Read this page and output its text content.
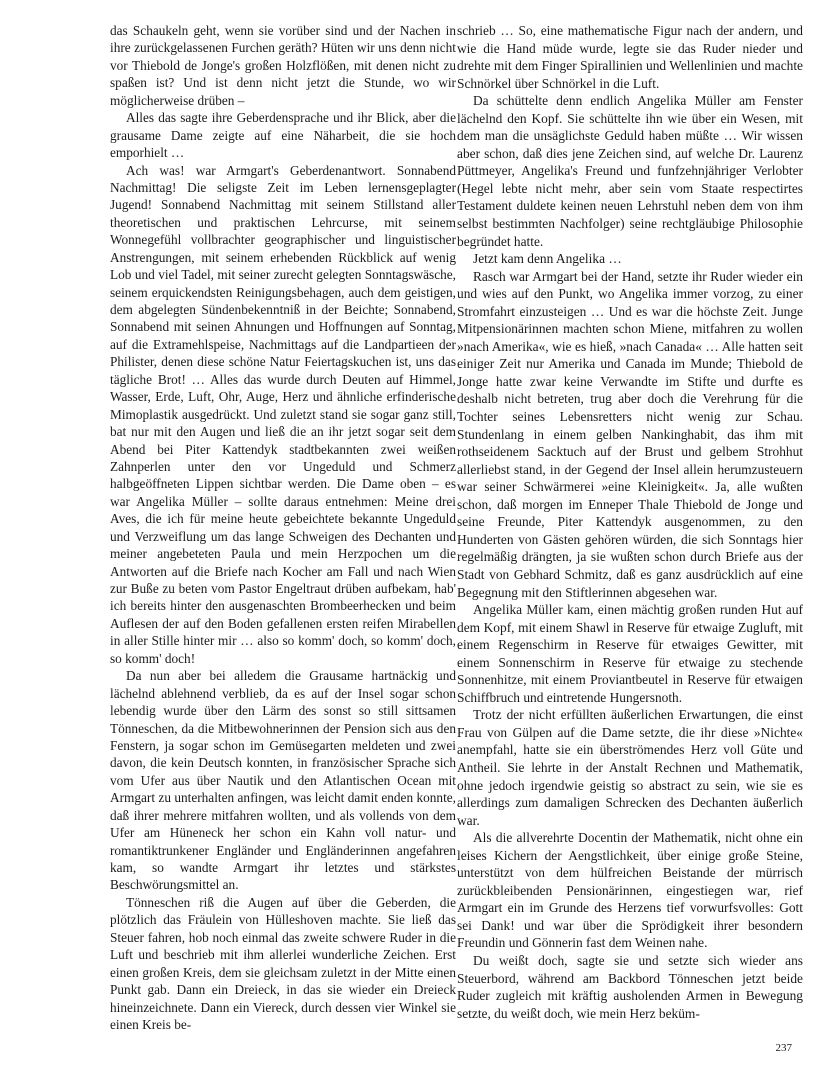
das Schaukeln geht, wenn sie vorüber sind und der Nachen in ihre zurückgelassenen Furchen geräth? Hüten wir uns denn nicht vor Thiebold de Jonge's großen Holzflößen, mit denen nicht zu spaßen ist? Und ist denn nicht jetzt die Stunde, wo wir möglicherweise drüben –

Alles das sagte ihre Geberdensprache und ihr Blick, aber die grausame Dame zeigte auf eine Näharbeit, die sie hoch emporhielt …

Ach was! war Armgart's Geberdenantwort. Sonnabend Nachmittag! Die seligste Zeit im Leben lernensgeplagter Jugend! Sonnabend Nachmittag mit seinem Stillstand aller theoretischen und praktischen Lehrcurse, mit seinem Wonnegefühl vollbrachter geographischer und linguistischer Anstrengungen, mit seinem erhebenden Rückblick auf wenig Lob und viel Tadel, mit seiner zurecht gelegten Sonntagswäsche, seinem erquickendsten Reinigungsbehagen, auch dem geistigen, dem abgelegten Sündenbekenntniß in der Beichte; Sonnabend, Sonnabend mit seinen Ahnungen und Hoffnungen auf Sonntag, auf die Extramehlspeise, Nachmittags auf die Landpartieen der Philister, denen diese schöne Natur Feiertagskuchen ist, uns das tägliche Brot! … Alles das wurde durch Deuten auf Himmel, Wasser, Erde, Luft, Ohr, Auge, Herz und ähnliche erfinderische Mimoplastik ausgedrückt. Und zuletzt stand sie sogar ganz still, bat nur mit den Augen und ließ die an ihr jetzt sogar seit dem Abend bei Piter Kattendyk stadtbekannten zwei weißen Zahnperlen unter den vor Ungeduld und Schmerz halbgeöffneten Lippen sichtbar werden. Die Dame oben – es war Angelika Müller – sollte daraus entnehmen: Meine drei Aves, die ich für meine heute gebeichtete bekannte Ungeduld und Verzweiflung um das lange Schweigen des Dechanten und meiner angebeteten Paula und mein Herzpochen um die Antworten auf die Briefe nach Kocher am Fall und nach Wien zur Buße zu beten vom Pastor Engeltraut drüben aufbekam, hab' ich bereits hinter den ausgenaschten Brombeerhecken und beim Auflesen der auf den Boden gefallenen ersten reifen Mirabellen in aller Stille hinter mir … also so komm' doch, so komm' doch, so komm' doch!

Da nun aber bei alledem die Grausame hartnäckig und lächelnd ablehnend verblieb, da es auf der Insel sogar schon lebendig wurde über den Lärm des sonst so still sittsamen Tönneschen, da die Mitbewohnerinnen der Pension sich aus den Fenstern, ja sogar schon im Gemüsegarten meldeten und zwei davon, die kein Deutsch konnten, in französischer Sprache sich vom Ufer aus über Nautik und den Atlantischen Ocean mit Armgart zu unterhalten anfingen, was leicht damit enden konnte, daß ihrer mehrere mitfahren wollten, und als vollends von dem Ufer am Hüneneck her schon ein Kahn voll natur- und romantiktrunkener Engländer und Engländerinnen angefahren kam, so wandte Armgart ihr letztes und stärkstes Beschwörungsmittel an.

Tönneschen riß die Augen auf über die Geberden, die plötzlich das Fräulein von Hülleshoven machte. Sie ließ das Steuer fahren, hob noch einmal das zweite schwere Ruder in die Luft und beschrieb mit ihm allerlei wunderliche Zeichen. Erst einen großen Kreis, dem sie gleichsam zuletzt in der Mitte einen Punkt gab. Dann ein Dreieck, in das sie wieder ein Dreieck hineinzeichnete. Dann ein Viereck, durch dessen vier Winkel sie einen Kreis be-

schrieb … So, eine mathematische Figur nach der andern, und wie die Hand müde wurde, legte sie das Ruder nieder und drehte mit dem Finger Spirallinien und Wellenlinien und machte Schnörkel über Schnörkel in die Luft.

Da schüttelte denn endlich Angelika Müller am Fenster lächelnd den Kopf. Sie schüttelte ihn wie über ein Wesen, mit dem man die unsäglichste Geduld haben müßte … Wir wissen aber schon, daß dies jene Zeichen sind, auf welche Dr. Laurenz Püttmeyer, Angelika's Freund und funfzehnjähriger Verlobter (Hegel lebte nicht mehr, aber sein vom Staate respectirtes Testament duldete keinen neuen Lehrstuhl neben dem von ihm selbst bestimmten Nachfolger) seine rechtgläubige Philosophie begründet hatte.

Jetzt kam denn Angelika …

Rasch war Armgart bei der Hand, setzte ihr Ruder wieder ein und wies auf den Punkt, wo Angelika immer vorzog, zu einer Stromfahrt einzusteigen … Und es war die höchste Zeit. Junge Mitpensionärinnen machten schon Miene, mitfahren zu wollen »nach Amerika«, wie es hieß, »nach Canada« … Alle hatten seit einiger Zeit nur Amerika und Canada im Munde; Thiebold de Jonge hatte zwar keine Verwandte im Stifte und durfte es deshalb nicht betreten, trug aber doch die Verehrung für die Tochter seines Lebensretters nicht wenig zur Schau. Stundenlang in einem gelben Nankinghabit, das ihm mit rothseidenem Sacktuch auf der Brust und gelbem Strohhut allerliebst stand, in der Gegend der Insel allein herumzusteuern war seiner Schwärmerei »eine Kleinigkeit«. Ja, alle wußten schon, daß morgen im Enneper Thale Thiebold de Jonge und seine Freunde, Piter Kattendyk ausgenommen, zu den Hunderten von Gästen gehören würden, die sich Sonntags hier regelmäßig drängten, ja sie wußten schon durch Briefe aus der Stadt von Gebhard Schmitz, daß es ganz ausdrücklich auf eine Begegnung mit den Stiftlerinnen abgesehen war.

Angelika Müller kam, einen mächtig großen runden Hut auf dem Kopf, mit einem Shawl in Reserve für etwaige Zugluft, mit einem Regenschirm in Reserve für etwaiges Gewitter, mit einem Sonnenschirm in Reserve für etwaige zu stechende Sonnenhitze, mit einem Proviantbeutel in Reserve für etwaigen Schiffbruch und eintretende Hungersnoth.

Trotz der nicht erfüllten äußerlichen Erwartungen, die einst Frau von Gülpen auf die Dame setzte, die ihr diese »Nichte« anempfahl, hatte sie ein überströmendes Herz voll Güte und Antheil. Sie lehrte in der Anstalt Rechnen und Mathematik, ohne jedoch irgendwie geistig so abstract zu sein, wie sie es allerdings zum damaligen Schrecken des Dechanten äußerlich war.

Als die allverehrte Docentin der Mathematik, nicht ohne ein leises Kichern der Aengstlichkeit, über einige große Steine, unterstützt von dem hülfreichen Beistande der mürrisch zurückbleibenden Pensionärinnen, eingestiegen war, rief Armgart ein im Grunde des Herzens tief vorwurfsvolles: Gott sei Dank! und war über die Sprödigkeit ihrer besondern Freundin und Gönnerin fast dem Weinen nahe.

Du weißt doch, sagte sie und setzte sich wieder ans Steuerbord, während am Backbord Tönneschen jetzt beide Ruder zugleich mit kräftig ausholenden Armen in Bewegung setzte, du weißt doch, wie mein Herz beküm-

237
